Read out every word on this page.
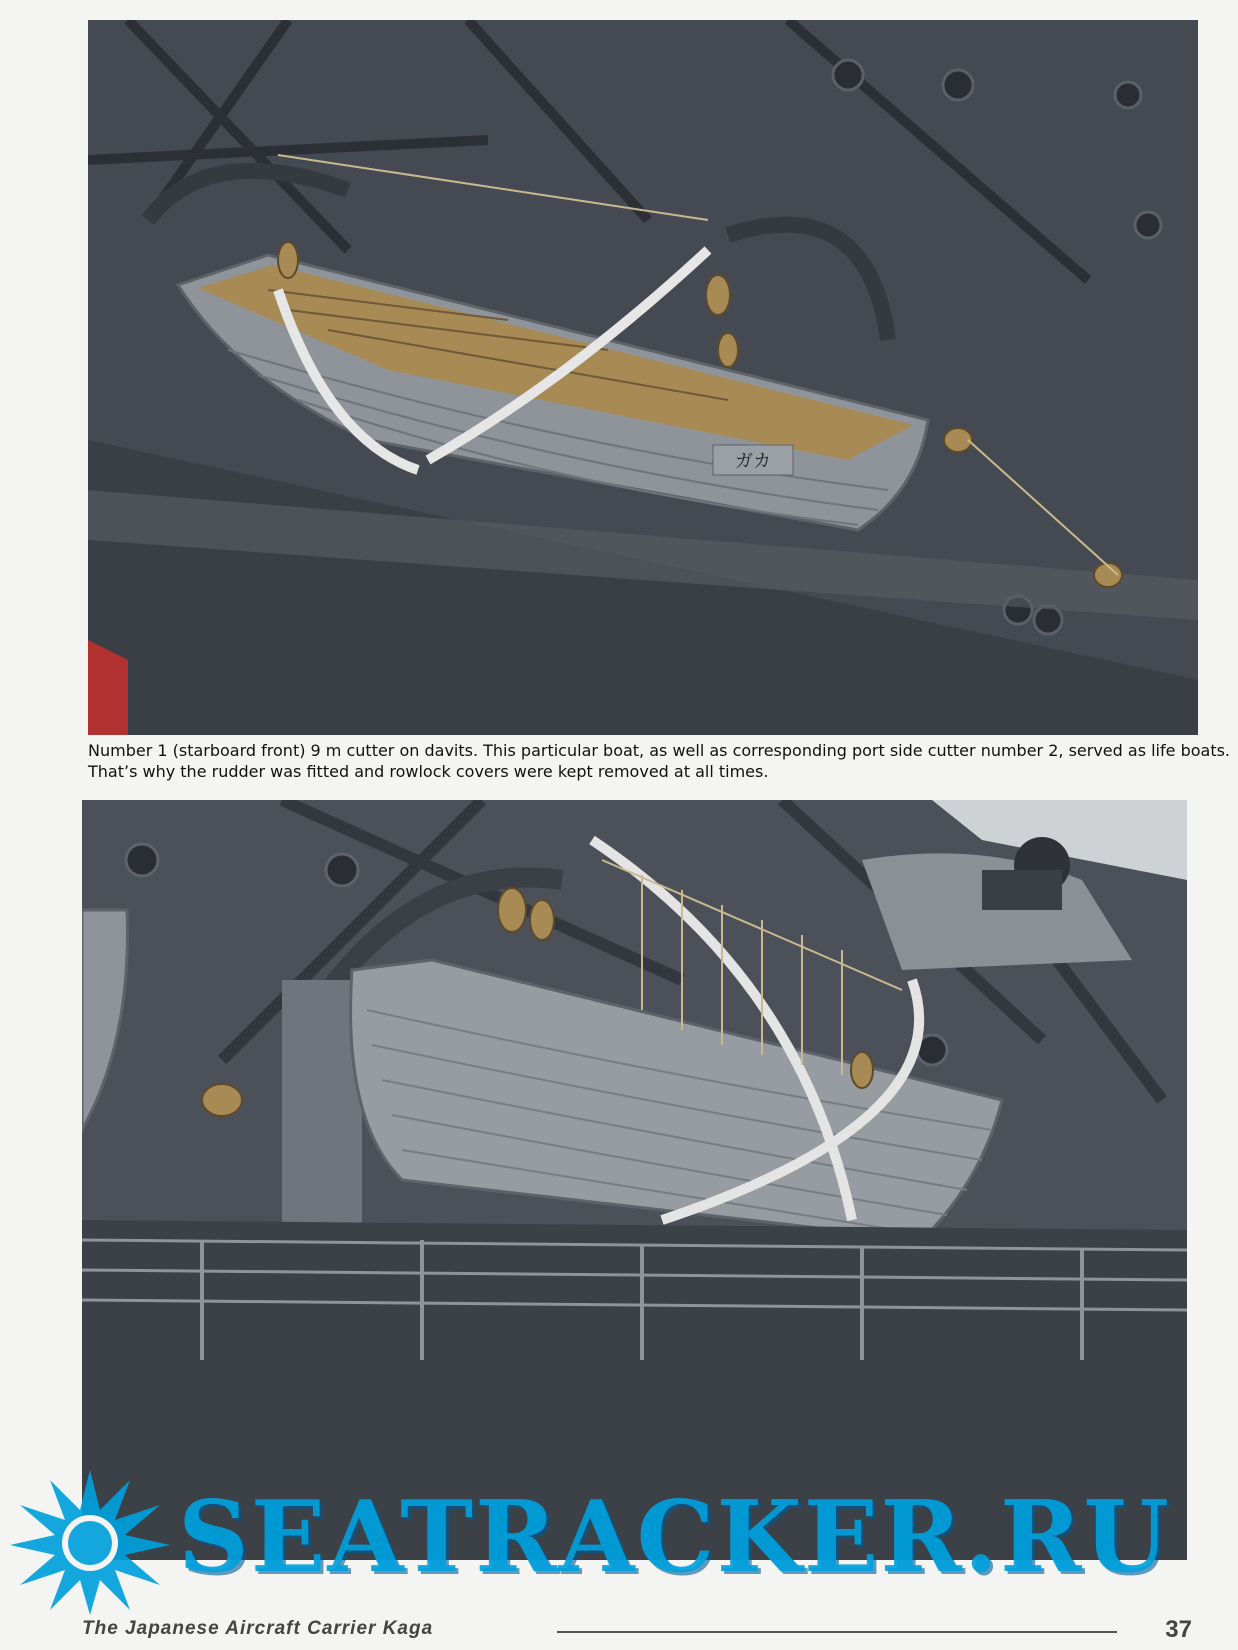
ガカ

Number 1 (starboard front) 9 m cutter on davits. This particular boat, as well as corresponding port side cutter number 2, served as life boats.
That’s why the rudder was fitted and rowlock covers were kept removed at all times.

SEATRACKER.RU
The Japanese Aircraft Carrier Kaga	37
